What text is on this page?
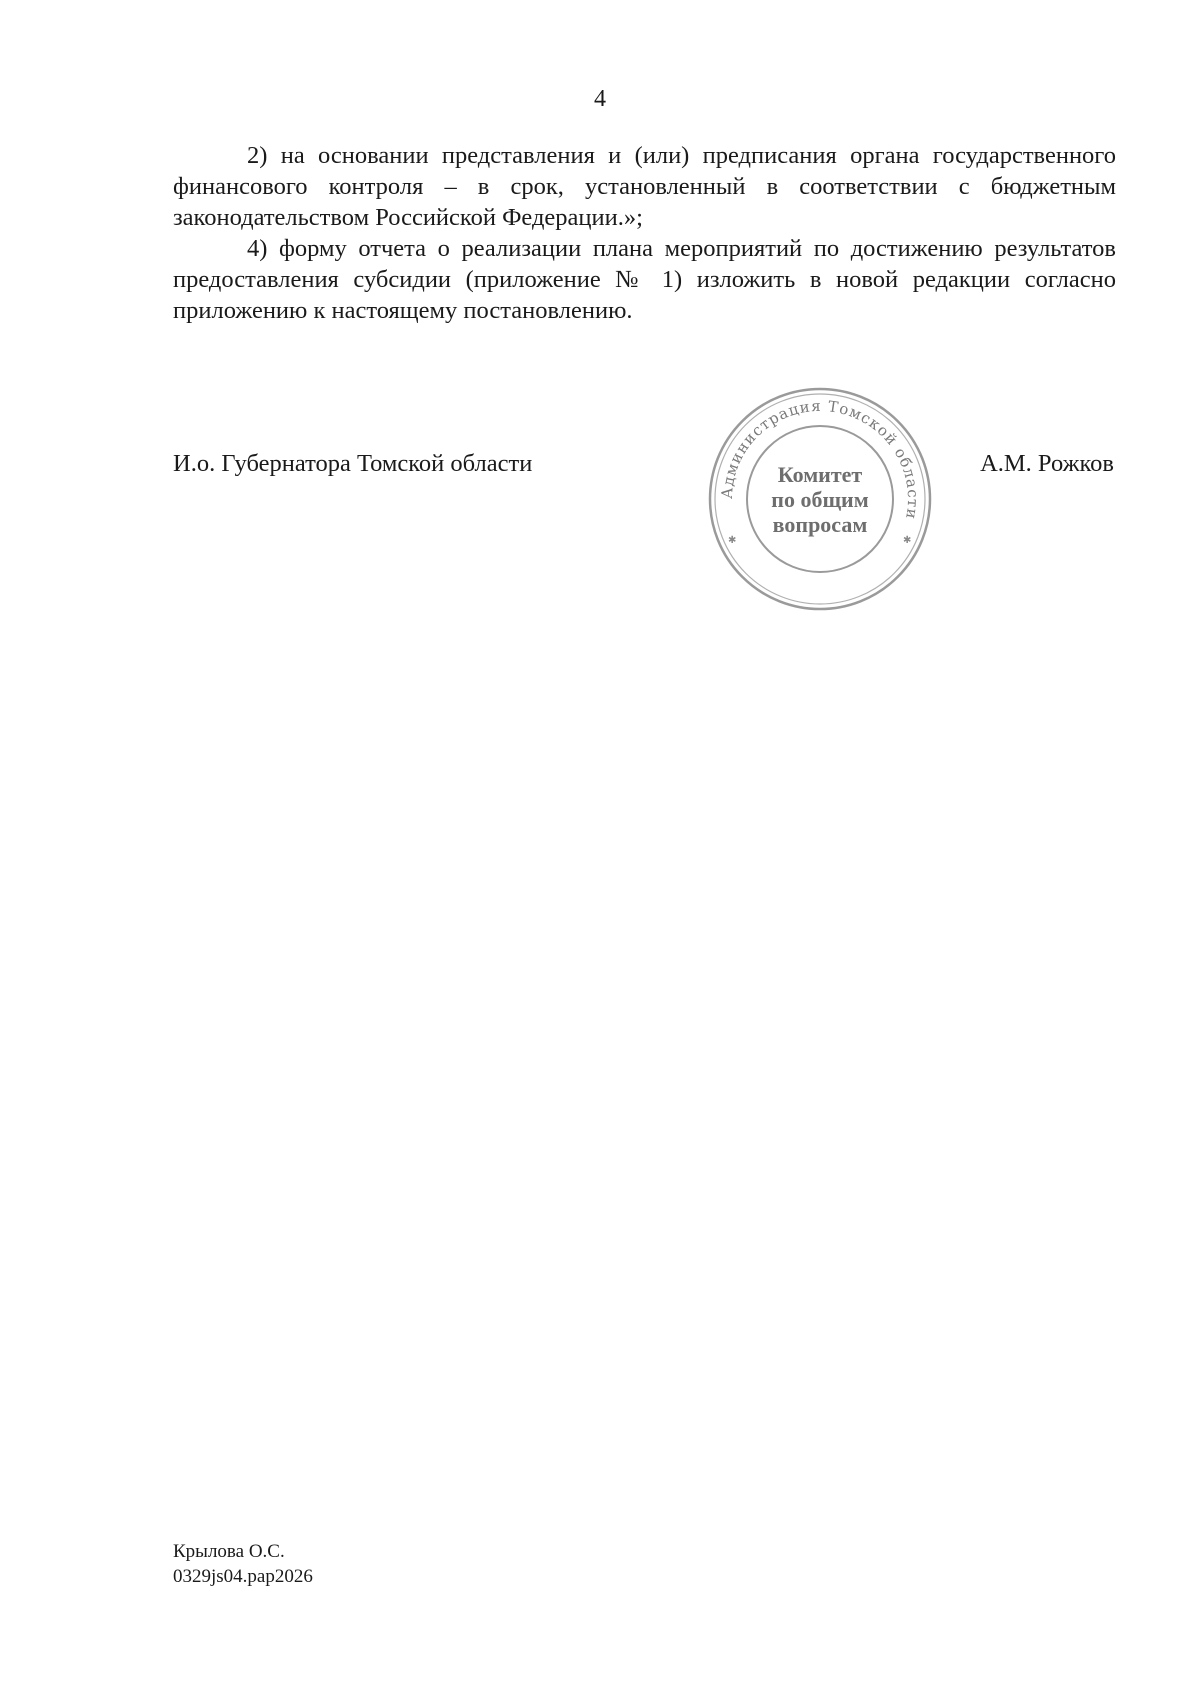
4

2) на основании представления и (или) предписания органа государственного финансового контроля – в срок, установленный в соответствии с бюджетным законодательством Российской Федерации.»;

4) форму отчета о реализации плана мероприятий по достижению результатов предоставления субсидии (приложение № 1) изложить в новой редакции согласно приложению к настоящему постановлению.

И.о. Губернатора Томской области
Администрация Томской области
Комитет
по общим
вопросам
✱	✱
А.М. Рожков
Крылова О.С.
0329js04.pap2026
